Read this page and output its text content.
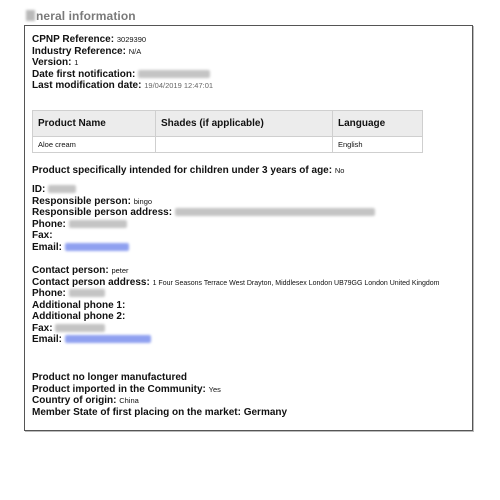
neral information
CPNP Reference: 3029390
Industry Reference: N/A
Version: 1
Date first notification:
Last modification date: 19/04/2019 12:47:01
Product Name	Shades (if applicable)	Language
Aloe cream		English
Product specifically intended for children under 3 years of age: No
ID:
Responsible person: bingo
Responsible person address:
Phone:
Fax:
Email:
Contact person: peter
Contact person address: 1 Four Seasons Terrace West Drayton, Middlesex London UB79GG London United Kingdom
Phone:
Additional phone 1:
Additional phone 2:
Fax:
Email:
Product no longer manufactured
Product imported in the Community: Yes
Country of origin: China
Member State of first placing on the market: Germany
